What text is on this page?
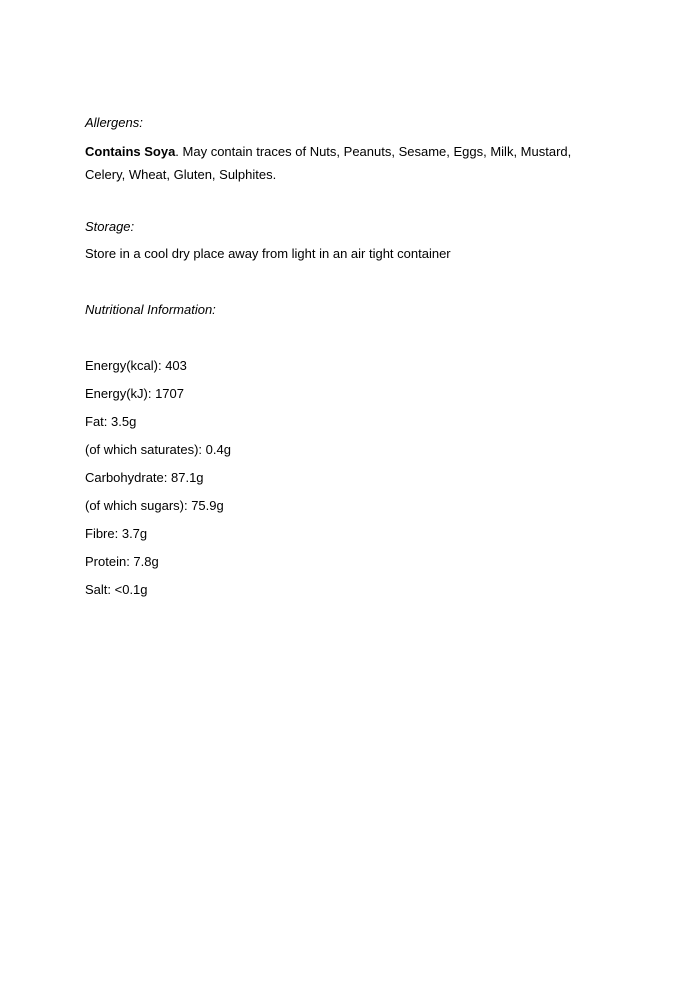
Allergens:

Contains Soya. May contain traces of Nuts, Peanuts, Sesame, Eggs, Milk, Mustard, Celery, Wheat, Gluten, Sulphites.

Storage:

Store in a cool dry place away from light in an air tight container

Nutritional Information:

Energy(kcal): 403

Energy(kJ): 1707

Fat: 3.5g

(of which saturates): 0.4g

Carbohydrate: 87.1g

(of which sugars): 75.9g

Fibre: 3.7g

Protein: 7.8g

Salt: <0.1g
